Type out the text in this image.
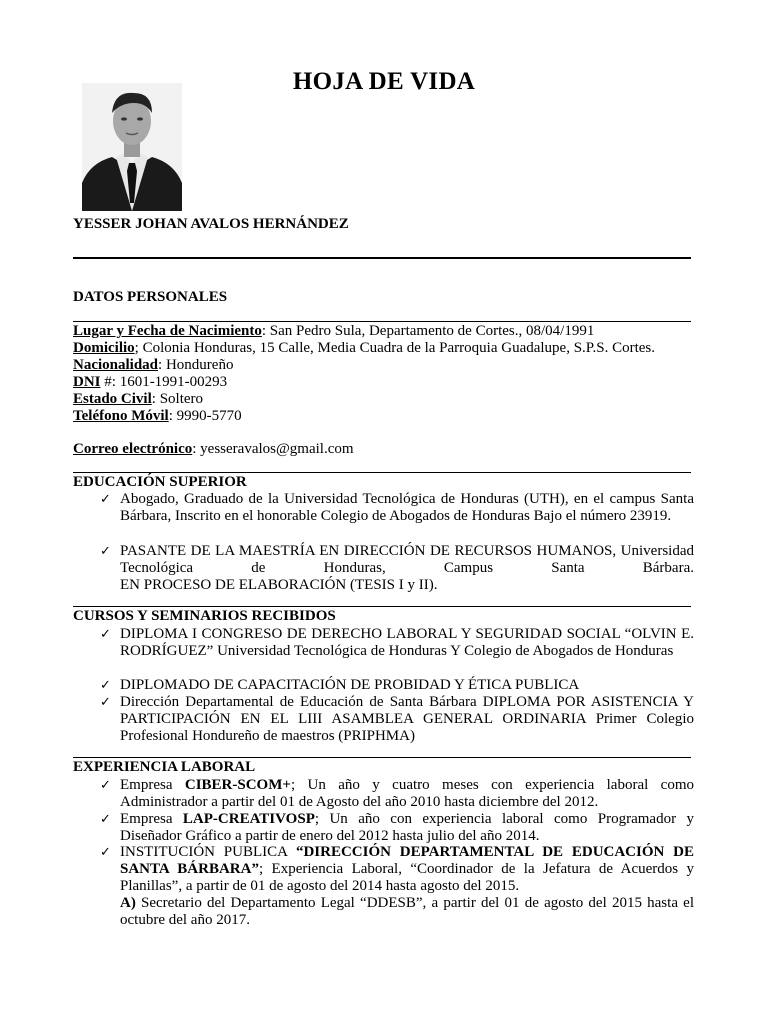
HOJA DE VIDA
YESSER JOHAN AVALOS HERNÁNDEZ
DATOS PERSONALES
Lugar y Fecha de Nacimiento: San Pedro Sula, Departamento de Cortes., 08/04/1991
Domicilio; Colonia Honduras, 15 Calle, Media Cuadra de la Parroquia Guadalupe, S.P.S. Cortes.
Nacionalidad: Hondureño
DNI #: 1601-1991-00293
Estado Civil: Soltero
Teléfono Móvil: 9990-5770
Correo electrónico: yesseravalos@gmail.com
EDUCACIÓN SUPERIOR
✓ Abogado, Graduado de la Universidad Tecnológica de Honduras (UTH), en el campus Santa Bárbara, Inscrito en el honorable Colegio de Abogados de Honduras Bajo el número 23919.
✓ PASANTE DE LA MAESTRÍA EN DIRECCIÓN DE RECURSOS HUMANOS, Universidad Tecnológica de Honduras, Campus Santa Bárbara.
EN PROCESO DE ELABORACIÓN (TESIS I y II).
CURSOS Y SEMINARIOS RECIBIDOS
✓ DIPLOMA I CONGRESO DE DERECHO LABORAL Y SEGURIDAD SOCIAL “OLVIN E. RODRÍGUEZ” Universidad Tecnológica de Honduras Y Colegio de Abogados de Honduras
✓ DIPLOMADO DE CAPACITACIÓN DE PROBIDAD Y ÉTICA PUBLICA
✓ Dirección Departamental de Educación de Santa Bárbara DIPLOMA POR ASISTENCIA Y PARTICIPACIÓN EN EL LIII ASAMBLEA GENERAL ORDINARIA Primer Colegio Profesional Hondureño de maestros (PRIPHMA)
EXPERIENCIA LABORAL
✓ Empresa CIBER-SCOM+; Un año y cuatro meses con experiencia laboral como Administrador a partir del 01 de Agosto del año 2010 hasta diciembre del 2012.
✓ Empresa LAP-CREATIVOSP; Un año con experiencia laboral como Programador y Diseñador Gráfico a partir de enero del 2012 hasta julio del año 2014.
✓ INSTITUCIÓN PUBLICA “DIRECCIÓN DEPARTAMENTAL DE EDUCACIÓN DE SANTA BÁRBARA”; Experiencia Laboral, “Coordinador de la Jefatura de Acuerdos y Planillas”, a partir de 01 de agosto del 2014 hasta agosto del 2015.
A) Secretario del Departamento Legal “DDESB”, a partir del 01 de agosto del 2015 hasta el octubre del año 2017.
